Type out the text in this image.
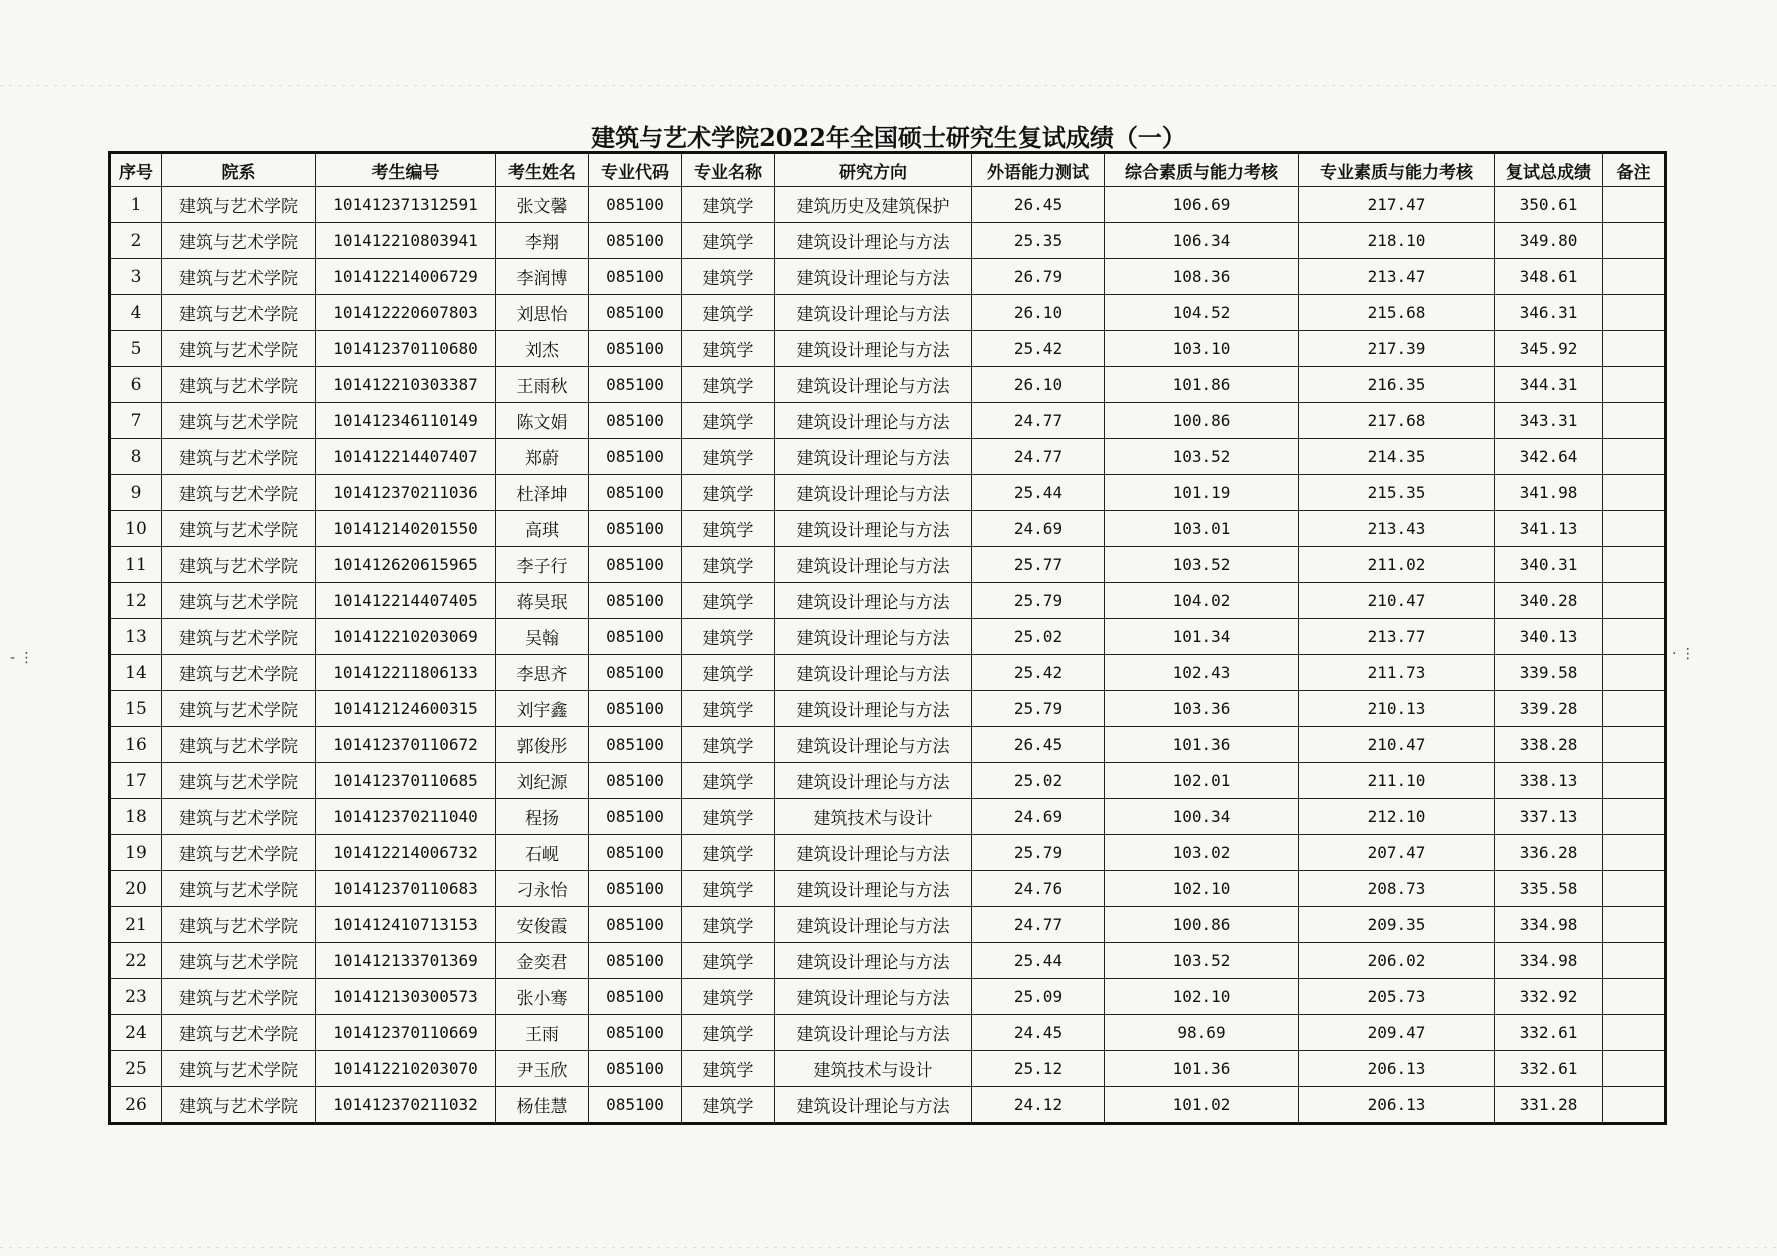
- ⋮	· ⋮
建筑与艺术学院2022年全国硕士研究生复试成绩（一）
序号	院系	考生编号	考生姓名	专业代码	专业名称	研究方向	外语能力测试	综合素质与能力考核	专业素质与能力考核	复试总成绩	备注
1	建筑与艺术学院	101412371312591	张文馨	085100	建筑学	建筑历史及建筑保护	26.45	106.69	217.47	350.61	
2	建筑与艺术学院	101412210803941	李翔	085100	建筑学	建筑设计理论与方法	25.35	106.34	218.10	349.80	
3	建筑与艺术学院	101412214006729	李润博	085100	建筑学	建筑设计理论与方法	26.79	108.36	213.47	348.61	
4	建筑与艺术学院	101412220607803	刘思怡	085100	建筑学	建筑设计理论与方法	26.10	104.52	215.68	346.31	
5	建筑与艺术学院	101412370110680	刘杰	085100	建筑学	建筑设计理论与方法	25.42	103.10	217.39	345.92	
6	建筑与艺术学院	101412210303387	王雨秋	085100	建筑学	建筑设计理论与方法	26.10	101.86	216.35	344.31	
7	建筑与艺术学院	101412346110149	陈文娟	085100	建筑学	建筑设计理论与方法	24.77	100.86	217.68	343.31	
8	建筑与艺术学院	101412214407407	郑蔚	085100	建筑学	建筑设计理论与方法	24.77	103.52	214.35	342.64	
9	建筑与艺术学院	101412370211036	杜泽坤	085100	建筑学	建筑设计理论与方法	25.44	101.19	215.35	341.98	
10	建筑与艺术学院	101412140201550	高琪	085100	建筑学	建筑设计理论与方法	24.69	103.01	213.43	341.13	
11	建筑与艺术学院	101412620615965	李子行	085100	建筑学	建筑设计理论与方法	25.77	103.52	211.02	340.31	
12	建筑与艺术学院	101412214407405	蒋昊珉	085100	建筑学	建筑设计理论与方法	25.79	104.02	210.47	340.28	
13	建筑与艺术学院	101412210203069	吴翰	085100	建筑学	建筑设计理论与方法	25.02	101.34	213.77	340.13	
14	建筑与艺术学院	101412211806133	李思齐	085100	建筑学	建筑设计理论与方法	25.42	102.43	211.73	339.58	
15	建筑与艺术学院	101412124600315	刘宇鑫	085100	建筑学	建筑设计理论与方法	25.79	103.36	210.13	339.28	
16	建筑与艺术学院	101412370110672	郭俊彤	085100	建筑学	建筑设计理论与方法	26.45	101.36	210.47	338.28	
17	建筑与艺术学院	101412370110685	刘纪源	085100	建筑学	建筑设计理论与方法	25.02	102.01	211.10	338.13	
18	建筑与艺术学院	101412370211040	程扬	085100	建筑学	建筑技术与设计	24.69	100.34	212.10	337.13	
19	建筑与艺术学院	101412214006732	石岘	085100	建筑学	建筑设计理论与方法	25.79	103.02	207.47	336.28	
20	建筑与艺术学院	101412370110683	刁永怡	085100	建筑学	建筑设计理论与方法	24.76	102.10	208.73	335.58	
21	建筑与艺术学院	101412410713153	安俊霞	085100	建筑学	建筑设计理论与方法	24.77	100.86	209.35	334.98	
22	建筑与艺术学院	101412133701369	金奕君	085100	建筑学	建筑设计理论与方法	25.44	103.52	206.02	334.98	
23	建筑与艺术学院	101412130300573	张小骞	085100	建筑学	建筑设计理论与方法	25.09	102.10	205.73	332.92	
24	建筑与艺术学院	101412370110669	王雨	085100	建筑学	建筑设计理论与方法	24.45	98.69	209.47	332.61	
25	建筑与艺术学院	101412210203070	尹玉欣	085100	建筑学	建筑技术与设计	25.12	101.36	206.13	332.61	
26	建筑与艺术学院	101412370211032	杨佳慧	085100	建筑学	建筑设计理论与方法	24.12	101.02	206.13	331.28	
